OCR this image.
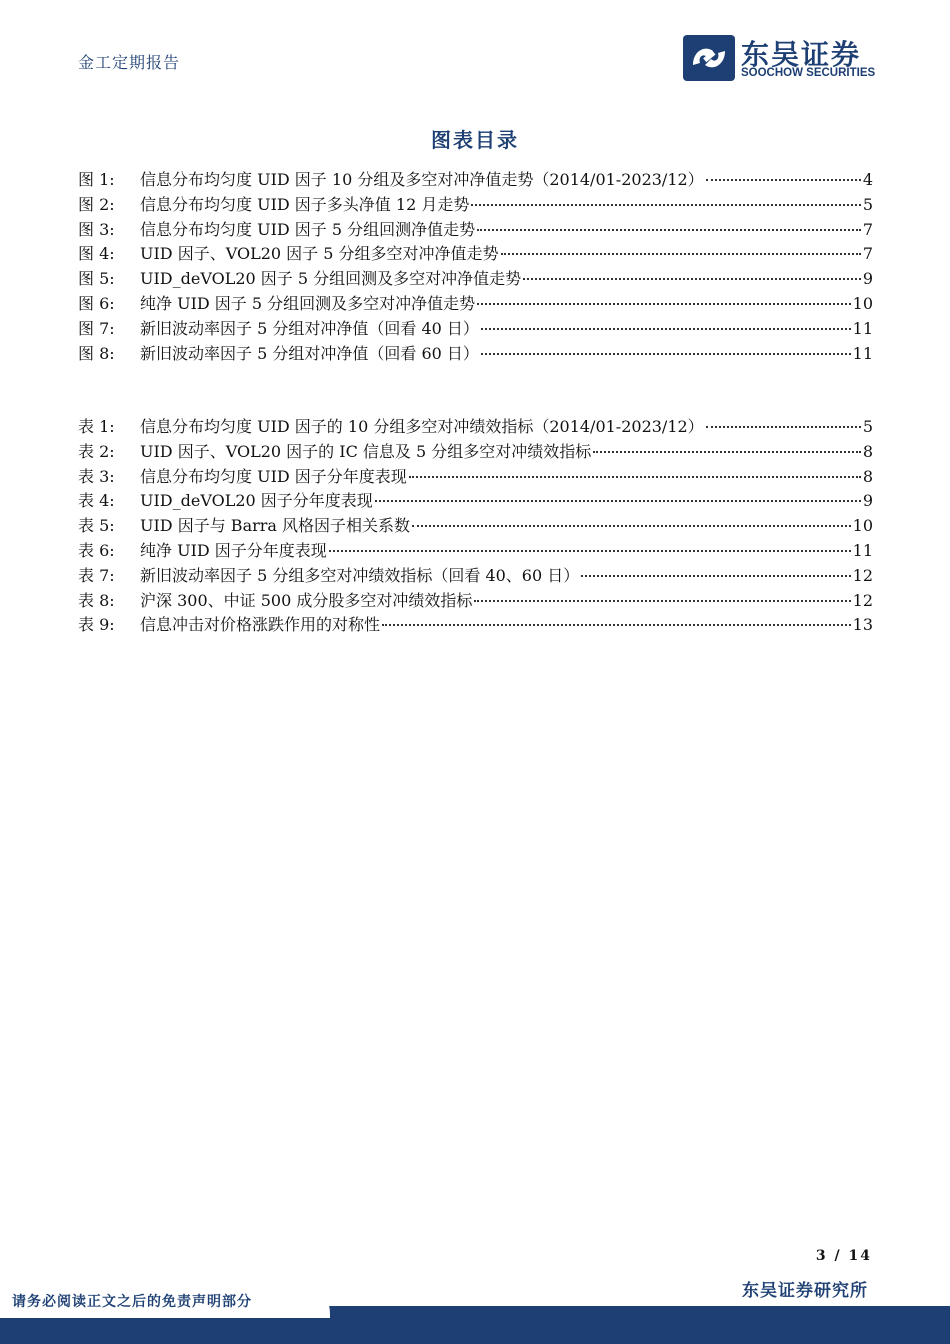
金工定期报告	东吴证券
SOOCHOW SECURITIES
图表目录
图 1:	信息分布均匀度 UID 因子 10 分组及多空对冲净值走势（2014/01-2023/12）	4
图 2:	信息分布均匀度 UID 因子多头净值 12 月走势	5
图 3:	信息分布均匀度 UID 因子 5 分组回测净值走势	7
图 4:	UID 因子、VOL20 因子 5 分组多空对冲净值走势	7
图 5:	UID_deVOL20 因子 5 分组回测及多空对冲净值走势	9
图 6:	纯净 UID 因子 5 分组回测及多空对冲净值走势	10
图 7:	新旧波动率因子 5 分组对冲净值（回看 40 日）	11
图 8:	新旧波动率因子 5 分组对冲净值（回看 60 日）	11
表 1:	信息分布均匀度 UID 因子的 10 分组多空对冲绩效指标（2014/01-2023/12）	5
表 2:	UID 因子、VOL20 因子的 IC 信息及 5 分组多空对冲绩效指标	8
表 3:	信息分布均匀度 UID 因子分年度表现	8
表 4:	UID_deVOL20 因子分年度表现	9
表 5:	UID 因子与 Barra 风格因子相关系数	10
表 6:	纯净 UID 因子分年度表现	11
表 7:	新旧波动率因子 5 分组多空对冲绩效指标（回看 40、60 日）	12
表 8:	沪深 300、中证 500 成分股多空对冲绩效指标	12
表 9:	信息冲击对价格涨跌作用的对称性	13
3 / 14
东吴证券研究所
请务必阅读正文之后的免责声明部分
